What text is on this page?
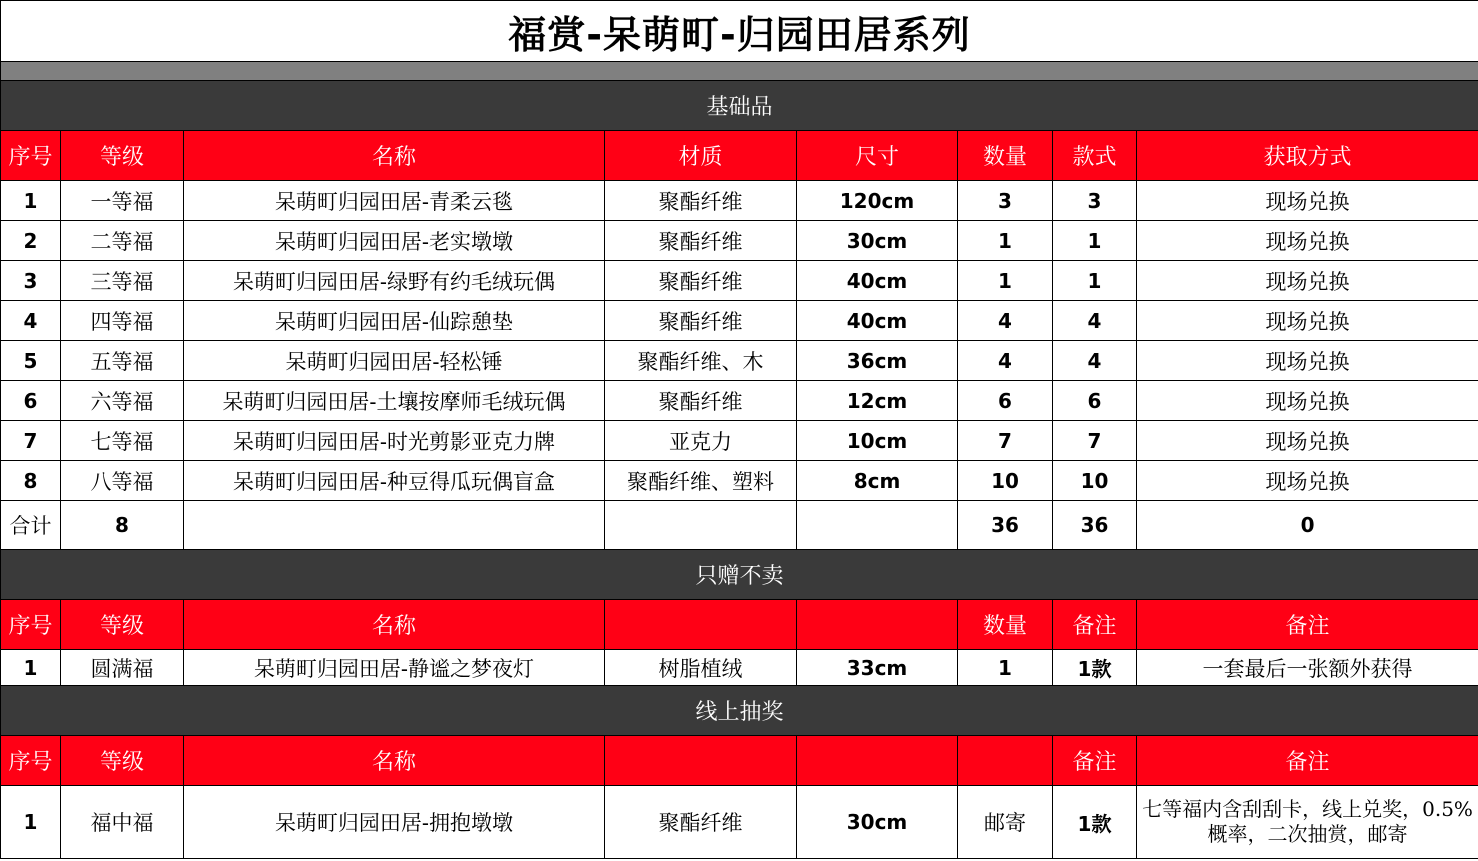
福赏-呆萌町-归园田居系列							

基础品							
序号	等级	名称	材质	尺寸	数量	款式	获取方式
1	一等福	呆萌町归园田居-青柔云毯	聚酯纤维	120cm	3	3	现场兑换
2	二等福	呆萌町归园田居-老实墩墩	聚酯纤维	30cm	1	1	现场兑换
3	三等福	呆萌町归园田居-绿野有约毛绒玩偶	聚酯纤维	40cm	1	1	现场兑换
4	四等福	呆萌町归园田居-仙踪憩垫	聚酯纤维	40cm	4	4	现场兑换
5	五等福	呆萌町归园田居-轻松锤	聚酯纤维、木	36cm	4	4	现场兑换
6	六等福	呆萌町归园田居-土壤按摩师毛绒玩偶	聚酯纤维	12cm	6	6	现场兑换
7	七等福	呆萌町归园田居-时光剪影亚克力牌	亚克力	10cm	7	7	现场兑换
8	八等福	呆萌町归园田居-种豆得瓜玩偶盲盒	聚酯纤维、塑料	8cm	10	10	现场兑换
合计	8				36	36	0
只赠不卖							
序号	等级	名称			数量	备注	备注
1	圆满福	呆萌町归园田居-静谧之梦夜灯	树脂植绒	33cm	1	1款	一套最后一张额外获得
线上抽奖							
序号	等级	名称				备注	备注
1	福中福	呆萌町归园田居-拥抱墩墩	聚酯纤维	30cm	邮寄	1款	七等福内含刮刮卡，线上兑奖，0.5%概率，二次抽赏，邮寄
